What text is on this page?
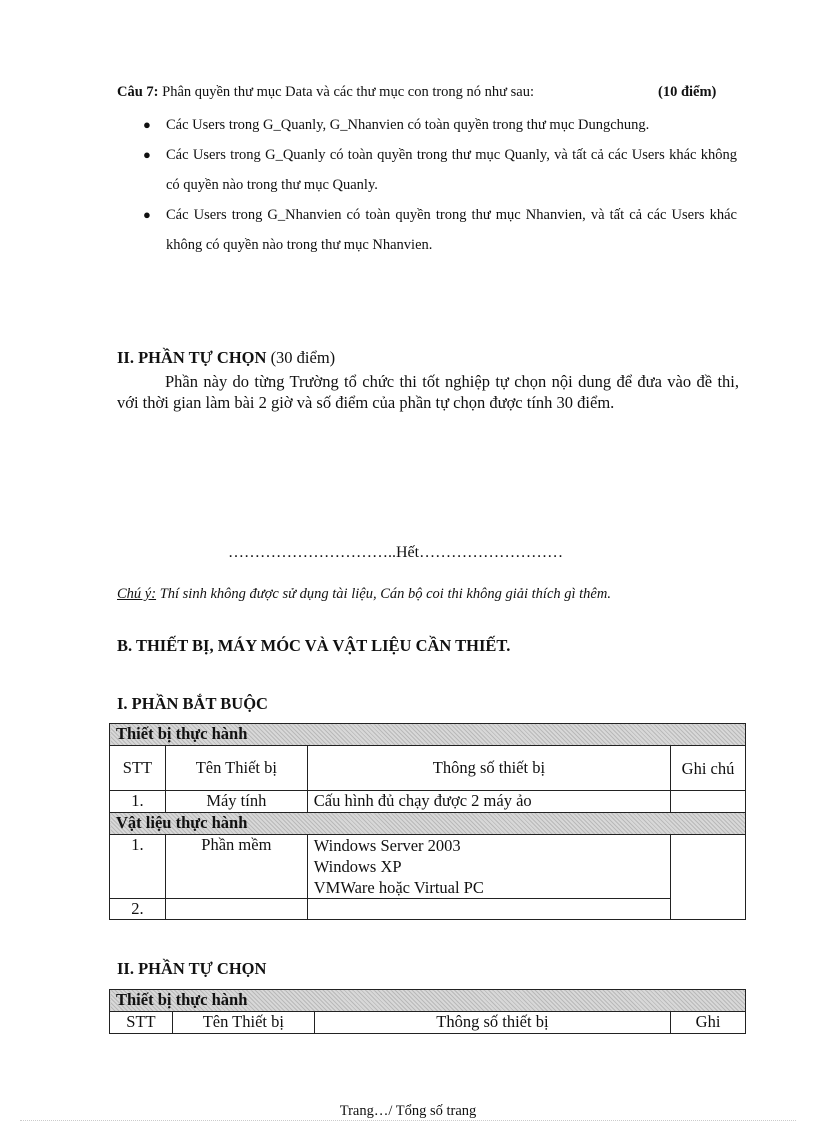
Câu 7: Phân quyền thư mục Data và các thư mục con trong nó như sau:	(10 điểm)
● Các Users trong G_Quanly, G_Nhanvien có toàn quyền trong thư mục Dungchung.
● Các Users trong G_Quanly có toàn quyền trong thư mục Quanly, và tất cả các Users khác không có quyền nào trong thư mục Quanly.
● Các Users trong G_Nhanvien có toàn quyền trong thư mục Nhanvien, và tất cả các Users khác không có quyền nào trong thư mục Nhanvien.
II. PHẦN TỰ CHỌN (30 điểm)
Phần này do từng Trường tổ chức thi tốt nghiệp tự chọn nội dung để đưa vào đề thi, với thời gian làm bài 2 giờ và số điểm của phần tự chọn được tính 30 điểm.
…………………………..Hết………………………
Chú ý: Thí sinh không được sử dụng tài liệu, Cán bộ coi thi không giải thích gì thêm.
B. THIẾT BỊ, MÁY MÓC VÀ VẬT LIỆU CẦN THIẾT.
I. PHẦN BẮT BUỘC
Thiết bị thực hành			
STT	Tên Thiết bị	Thông số thiết bị	Ghi chú
1.	Máy tính	Cấu hình đủ chạy được 2 máy ảo	
Vật liệu thực hành			
1.	Phần mềm	Windows Server 2003
Windows XP
VMWare hoặc Virtual PC	

2.			
II. PHẦN TỰ CHỌN
Thiết bị thực hành
STT	Tên Thiết bị	Thông số thiết bị	Ghi
Trang…/ Tổng số trang
